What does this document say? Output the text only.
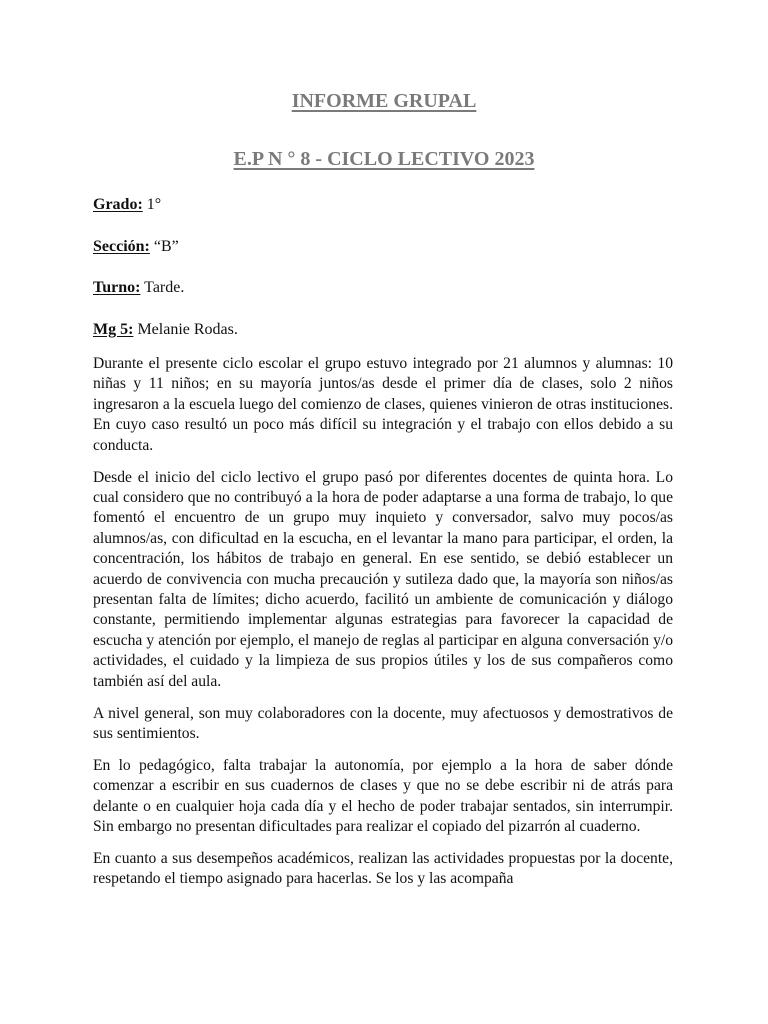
INFORME GRUPAL
E.P N ° 8 - CICLO LECTIVO 2023

Grado: 1°

Sección: “B”

Turno: Tarde.

Mg 5: Melanie Rodas.

Durante el presente ciclo escolar el grupo estuvo integrado por 21 alumnos y alumnas: 10 niñas y 11 niños; en su mayoría juntos/as desde el primer día de clases, solo 2 niños ingresaron a la escuela luego del comienzo de clases, quienes vinieron de otras instituciones. En cuyo caso resultó un poco más difícil su integración y el trabajo con ellos debido a su conducta.

Desde el inicio del ciclo lectivo el grupo pasó por diferentes docentes de quinta hora. Lo cual considero que no contribuyó a la hora de poder adaptarse a una forma de trabajo, lo que fomentó el encuentro de un grupo muy inquieto y conversador, salvo muy pocos/as alumnos/as, con dificultad en la escucha, en el levantar la mano para participar, el orden, la concentración, los hábitos de trabajo en general. En ese sentido, se debió establecer un acuerdo de convivencia con mucha precaución y sutileza dado que, la mayoría son niños/as presentan falta de límites; dicho acuerdo, facilitó un ambiente de comunicación y diálogo constante, permitiendo implementar algunas estrategias para favorecer la capacidad de escucha y atención por ejemplo, el manejo de reglas al participar en alguna conversación y/o actividades, el cuidado y la limpieza de sus propios útiles y los de sus compañeros como también así del aula.

A nivel general, son muy colaboradores con la docente, muy afectuosos y demostrativos de sus sentimientos.

En lo pedagógico, falta trabajar la autonomía, por ejemplo a la hora de saber dónde comenzar a escribir en sus cuadernos de clases y que no se debe escribir ni de atrás para delante o en cualquier hoja cada día y el hecho de poder trabajar sentados, sin interrumpir. Sin embargo no presentan dificultades para realizar el copiado del pizarrón al cuaderno.

En cuanto a sus desempeños académicos, realizan las actividades propuestas por la docente, respetando el tiempo asignado para hacerlas. Se los y las acompaña
